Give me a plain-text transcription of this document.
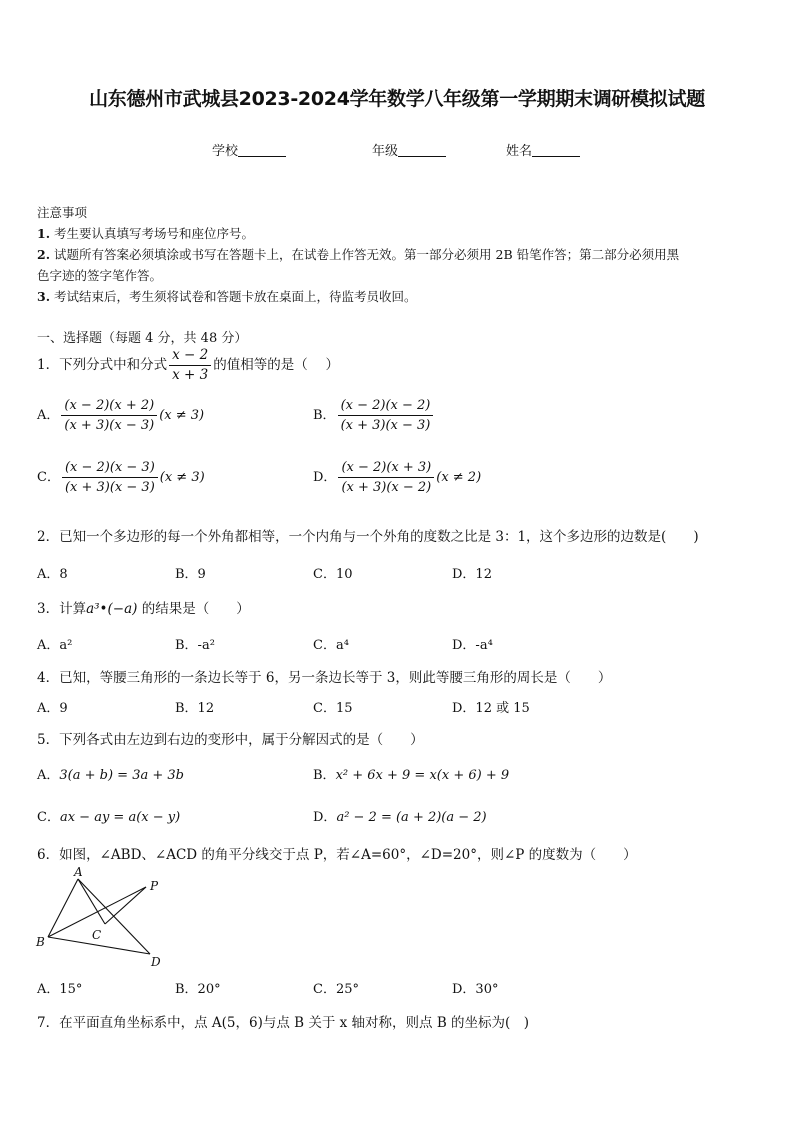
山东德州市武城县2023-2024学年数学八年级第一学期期末调研模拟试题
学校	年级	姓名
注意事项
1. 考生要认真填写考场号和座位序号。
2. 试题所有答案必须填涂或书写在答题卡上，在试卷上作答无效。第一部分必须用 2B 铅笔作答；第二部分必须用黑
色字迹的签字笔作答。
3. 考试结束后，考生须将试卷和答题卡放在桌面上，待监考员收回。
一、选择题（每题 4 分，共 48 分）
1．下列分式中和分式 $\frac{x - 2}{x + 3}$ 的值相等的是（　 ）
A． $\frac{(x - 2)(x + 2)}{(x + 3)(x - 3)} (x \ne 3)$	B． $\frac{(x - 2)(x - 2)}{(x + 3)(x - 3)}$
C． $\frac{(x - 2)(x - 3)}{(x + 3)(x - 3)} (x \ne 3)$	D． $\frac{(x - 2)(x + 3)}{(x + 3)(x - 2)} (x \ne 2)$
2．已知一个多边形的每一个外角都相等，一个内角与一个外角的度数之比是 3：1，这个多边形的边数是(　　)
A．8	B．9	C．10	D．12
3．计算a³•(−a) 的结果是（　　）
A．a²	B．-a²	C．a⁴	D．-a⁴
4．已知，等腰三角形的一条边长等于 6，另一条边长等于 3，则此等腰三角形的周长是（　　）
A．9	B．12	C．15	D．12 或 15
5．下列各式由左边到右边的变形中，属于分解因式的是（　　）
A．3(a + b) = 3a + 3b	B．x² + 6x + 9 = x(x + 6) + 9
C．ax − ay = a(x − y)	D．a² − 2 = (a + 2)(a − 2)
6．如图，∠ABD、∠ACD 的角平分线交于点 P，若∠A=60°，∠D=20°，则∠P 的度数为（　　）
A
P
B	C
D
A．15°	B．20°	C．25°	D．30°
7．在平面直角坐标系中，点 A(5，6)与点 B 关于 x 轴对称，则点 B 的坐标为(　)
